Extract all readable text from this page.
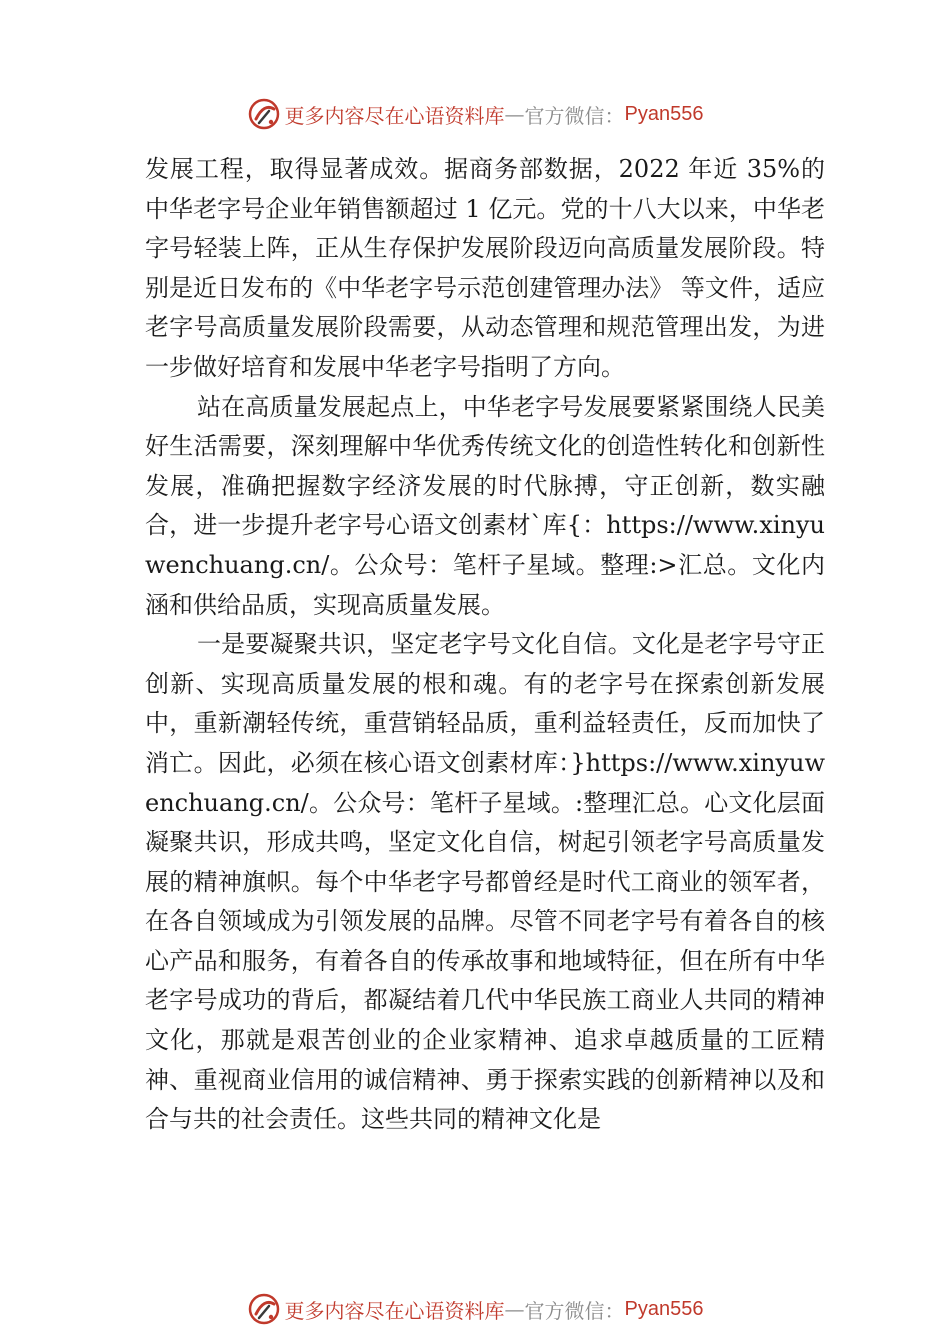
更多内容尽在心语资料库 — 官方微信： Pyan556

发展工程，取得显著成效。据商务部数据，2022 年近 35%的中华老字号企业年销售额超过 1 亿元。党的十八大以来，中华老字号轻装上阵，正从生存保护发展阶段迈向高质量发展阶段。特别是近日发布的《中华老字号示范创建管理办法》 等文件，适应老字号高质量发展阶段需要，从动态管理和规范管理出发，为进一步做好培育和发展中华老字号指明了方向。

站在高质量发展起点上，中华老字号发展要紧紧围绕人民美好生活需要，深刻理解中华优秀传统文化的创造性转化和创新性发展，准确把握数字经济发展的时代脉搏，守正创新，数实融合，进一步提升老字号心语文创素材`库{：https://www.xinyuwenchuang.cn/。公众号：笔杆子星域。整理:>汇总。文化内涵和供给品质，实现高质量发展。

一是要凝聚共识，坚定老字号文化自信。文化是老字号守正创新、实现高质量发展的根和魂。有的老字号在探索创新发展中，重新潮轻传统，重营销轻品质，重利益轻责任，反而加快了消亡。因此，必须在核心语文创素材库：}https://www.xinyuwenchuang.cn/。公众号：笔杆子星域。:整理汇总。心文化层面凝聚共识，形成共鸣，坚定文化自信，树起引领老字号高质量发展的精神旗帜。每个中华老字号都曾经是时代工商业的领军者，在各自领域成为引领发展的品牌。尽管不同老字号有着各自的核心产品和服务，有着各自的传承故事和地域特征，但在所有中华老字号成功的背后，都凝结着几代中华民族工商业人共同的精神文化，那就是艰苦创业的企业家精神、追求卓越质量的工匠精神、重视商业信用的诚信精神、勇于探索实践的创新精神以及和合与共的社会责任。这些共同的精神文化是

更多内容尽在心语资料库 — 官方微信： Pyan556
